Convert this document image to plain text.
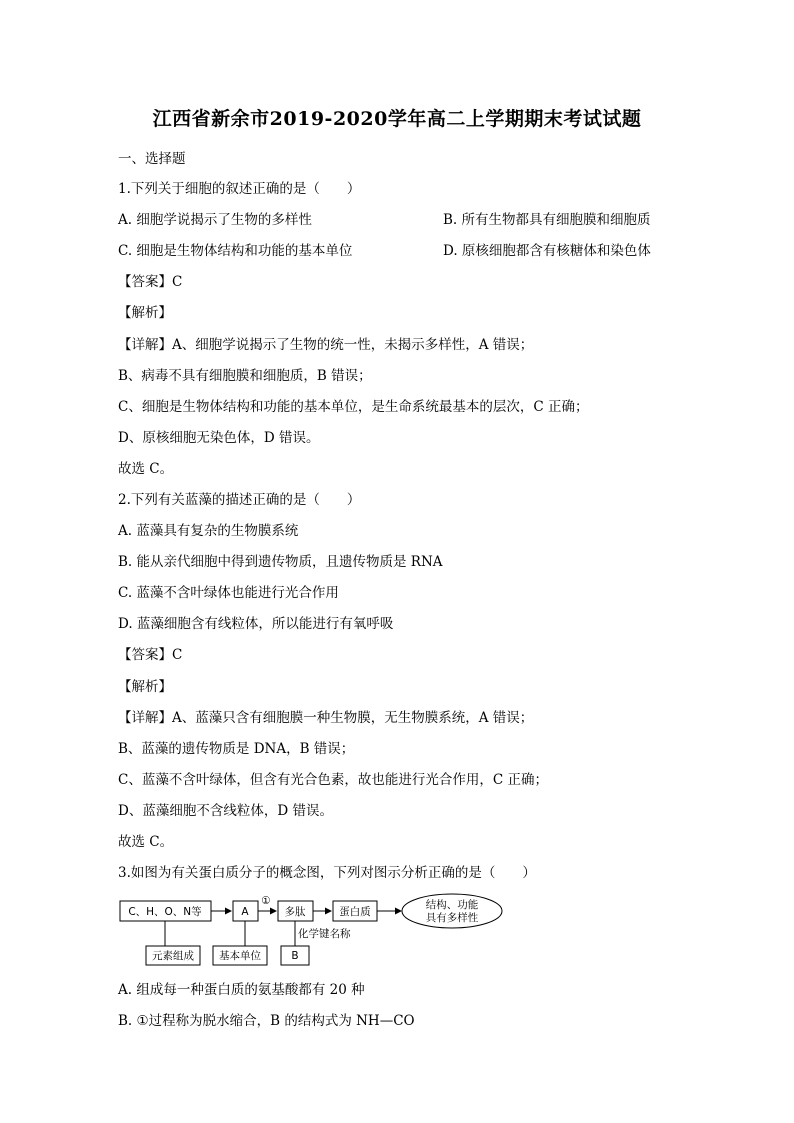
江西省新余市2019-2020学年高二上学期期末考试试题
一、选择题
1.下列关于细胞的叙述正确的是（　　）
A. 细胞学说揭示了生物的多样性	B. 所有生物都具有细胞膜和细胞质
C. 细胞是生物体结构和功能的基本单位	D. 原核细胞都含有核糖体和染色体
【答案】C
【解析】
【详解】A、细胞学说揭示了生物的统一性，未揭示多样性，A 错误；
B、病毒不具有细胞膜和细胞质，B 错误；
C、细胞是生物体结构和功能的基本单位，是生命系统最基本的层次，C 正确；
D、原核细胞无染色体，D 错误。
故选 C。
2.下列有关蓝藻的描述正确的是（　　）
A. 蓝藻具有复杂的生物膜系统
B. 能从亲代细胞中得到遗传物质，且遗传物质是 RNA
C. 蓝藻不含叶绿体也能进行光合作用
D. 蓝藻细胞含有线粒体，所以能进行有氧呼吸
【答案】C
【解析】
【详解】A、蓝藻只含有细胞膜一种生物膜，无生物膜系统，A 错误；
B、蓝藻的遗传物质是 DNA，B 错误；
C、蓝藻不含叶绿体，但含有光合色素，故也能进行光合作用，C 正确；
D、蓝藻细胞不含线粒体，D 错误。
故选 C。
3.如图为有关蛋白质分子的概念图，下列对图示分析正确的是（　　）
C、H、O、N等	A
①
多肽	蛋白质
结构、功能
具有多样性
元素组成 基本单位
化学键名称
B
A. 组成每一种蛋白质的氨基酸都有 20 种
B. ①过程称为脱水缩合，B 的结构式为 NH—CO
